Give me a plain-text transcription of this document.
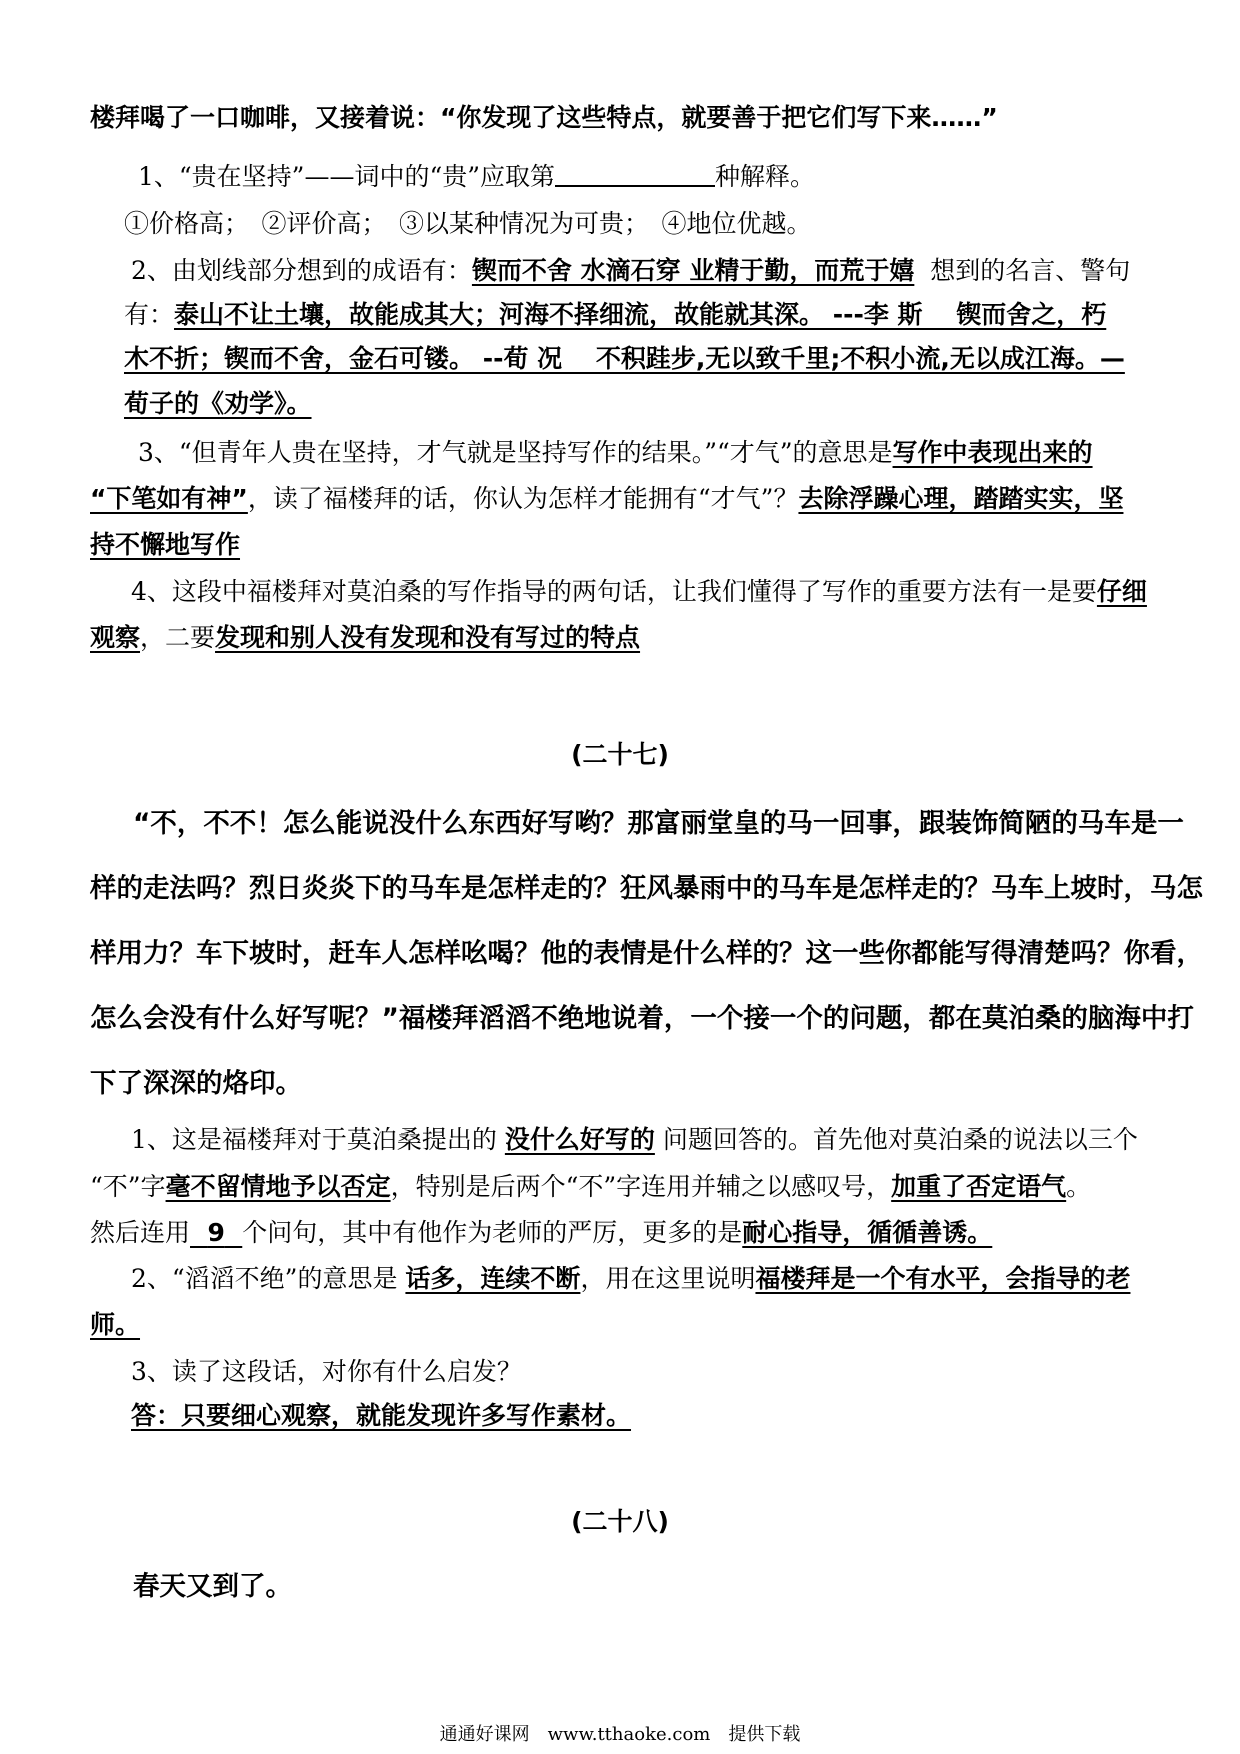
楼拜喝了一口咖啡，又接着说：“你发现了这些特点，就要善于把它们写下来……”
1、“贵在坚持”——词中的“贵”应取第	种解释。
①价格高；　②评价高；　③以某种情况为可贵；　④地位优越。
2、由划线部分想到的成语有：锲而不舍 水滴石穿 业精于勤，而荒于嬉 想到的名言、警句
有：泰山不让土壤，故能成其大；河海不择细流，故能就其深。 ---李 斯　 锲而舍之，朽
木不折；锲而不舍，金石可镂。 --荀 况　 不积跬步,无以致千里;不积小流,无以成江海。—
荀子的《劝学》。
3、“但青年人贵在坚持，才气就是坚持写作的结果。”“才气”的意思是写作中表现出来的
“下笔如有神”，读了福楼拜的话，你认为怎样才能拥有“才气”？去除浮躁心理，踏踏实实，坚
持不懈地写作
4、这段中福楼拜对莫泊桑的写作指导的两句话，让我们懂得了写作的重要方法有一是要仔细
观察，二要发现和别人没有发现和没有写过的特点
(二十七)
“不，不不！怎么能说没什么东西好写哟？那富丽堂皇的马一回事，跟装饰简陋的马车是一
样的走法吗？烈日炎炎下的马车是怎样走的？狂风暴雨中的马车是怎样走的？马车上坡时，马怎
样用力？车下坡时，赶车人怎样吆喝？他的表情是什么样的？这一些你都能写得清楚吗？你看，
怎么会没有什么好写呢？”福楼拜滔滔不绝地说着，一个接一个的问题，都在莫泊桑的脑海中打
下了深深的烙印。
1、这是福楼拜对于莫泊桑提出的 没什么好写的 问题回答的。首先他对莫泊桑的说法以三个
“不”字毫不留情地予以否定，特别是后两个“不”字连用并辅之以感叹号，加重了否定语气。
然后连用 9 个问句，其中有他作为老师的严厉，更多的是耐心指导，循循善诱。
2、“滔滔不绝”的意思是 话多，连续不断，用在这里说明福楼拜是一个有水平，会指导的老
师。
3、读了这段话，对你有什么启发？
答：只要细心观察，就能发现许多写作素材。
(二十八)
春天又到了。
通通好课网　www.tthaoke.com　提供下载
